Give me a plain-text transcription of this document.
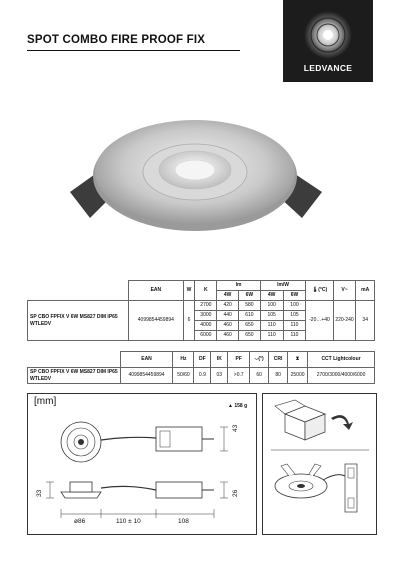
SPOT COMBO FIRE PROOF FIX
LEDVANCE
	EAN	W	K	lm		lm/W		🌡(°C)	V~	mA
				4W	6W	4W	6W			
SP CBO FPFIX V 6W MS827 DIM IP65 WTLEDV	4099854459894	6	2700	420	580	100	100	-20…+40	220-240	34
			3000	440	610	105	105			
			4000	460	650	110	110			
			6000	460	650	110	110			
	EAN	Hz	DF	IK	PF	⌵(°)	CRI	⧗	CCT Lightcolour
SP CBO FPFIX V 6W MS827 DIM IP65 WTLEDV	4099854459894	50/60	0.9	03	>0.7	60	80	25000	2700/3000/4000/6000
[mm]	▲ 158 g
43
33	26
ø86	110 ± 10	108
